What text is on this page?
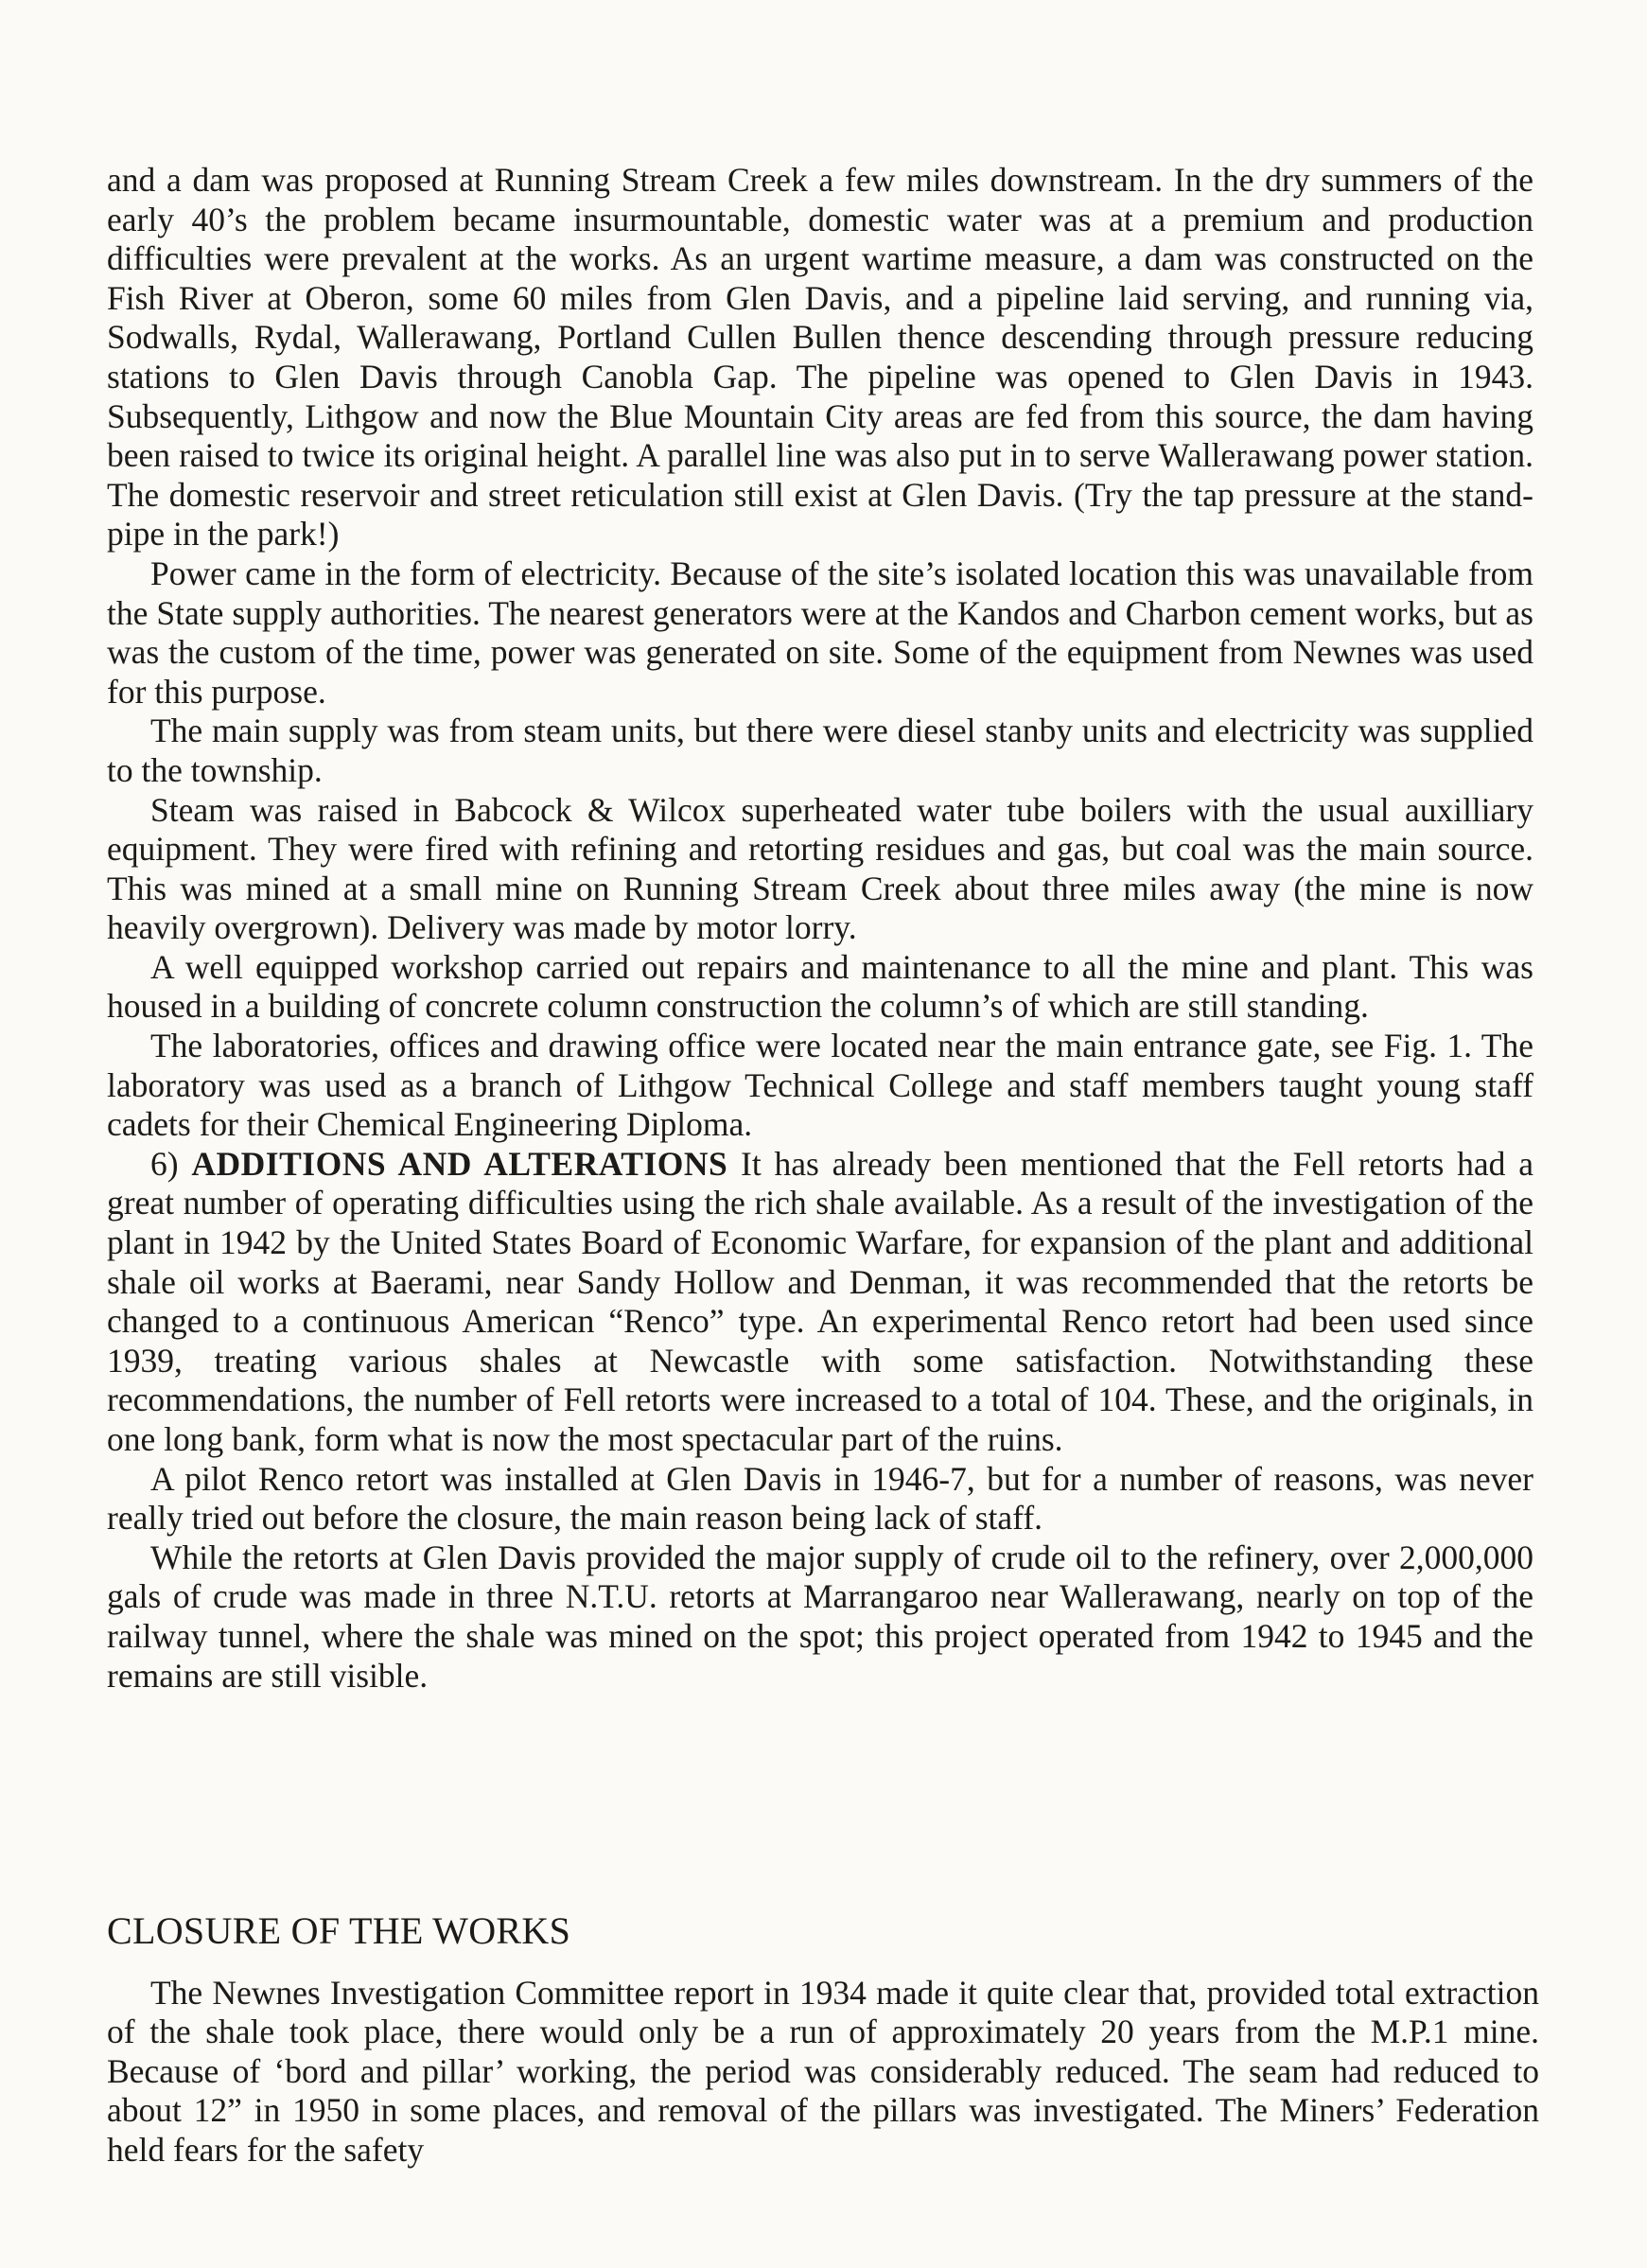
and a dam was proposed at Running Stream Creek a few miles downstream. In the dry summers of the early 40’s the problem became insurmountable, domestic water was at a premium and production difficulties were prevalent at the works. As an urgent wartime measure, a dam was constructed on the Fish River at Oberon, some 60 miles from Glen Davis, and a pipeline laid serving, and running via, Sodwalls, Rydal, Wallerawang, Portland Cullen Bullen thence descending through pressure reducing stations to Glen Davis through Canobla Gap. The pipeline was opened to Glen Davis in 1943. Subsequently, Lithgow and now the Blue Mountain City areas are fed from this source, the dam having been raised to twice its original height. A parallel line was also put in to serve Wallerawang power station. The domestic reservoir and street reticulation still exist at Glen Davis. (Try the tap pressure at the stand-pipe in the park!)

Power came in the form of electricity. Because of the site’s isolated location this was unavailable from the State supply authorities. The nearest generators were at the Kandos and Charbon cement works, but as was the custom of the time, power was generated on site. Some of the equipment from Newnes was used for this purpose.

The main supply was from steam units, but there were diesel stanby units and electricity was supplied to the township.

Steam was raised in Babcock & Wilcox superheated water tube boilers with the usual auxilliary equipment. They were fired with refining and retorting residues and gas, but coal was the main source. This was mined at a small mine on Running Stream Creek about three miles away (the mine is now heavily overgrown). Delivery was made by motor lorry.

A well equipped workshop carried out repairs and maintenance to all the mine and plant. This was housed in a building of concrete column construction the column’s of which are still standing.

The laboratories, offices and drawing office were located near the main entrance gate, see Fig. 1. The laboratory was used as a branch of Lithgow Technical College and staff members taught young staff cadets for their Chemical Engineering Diploma.

6) ADDITIONS AND ALTERATIONS It has already been mentioned that the Fell retorts had a great number of operating difficulties using the rich shale available. As a result of the investigation of the plant in 1942 by the United States Board of Economic Warfare, for expansion of the plant and additional shale oil works at Baerami, near Sandy Hollow and Denman, it was recommended that the retorts be changed to a continuous American “Renco” type. An experimental Renco retort had been used since 1939, treating various shales at Newcastle with some satisfaction. Notwithstanding these recommendations, the number of Fell retorts were increased to a total of 104. These, and the originals, in one long bank, form what is now the most spectacular part of the ruins.

A pilot Renco retort was installed at Glen Davis in 1946-7, but for a number of reasons, was never really tried out before the closure, the main reason being lack of staff.

While the retorts at Glen Davis provided the major supply of crude oil to the refinery, over 2,000,000 gals of crude was made in three N.T.U. retorts at Marrangaroo near Wallerawang, nearly on top of the railway tunnel, where the shale was mined on the spot; this project operated from 1942 to 1945 and the remains are still visible.

CLOSURE OF THE WORKS

The Newnes Investigation Committee report in 1934 made it quite clear that, provided total extraction of the shale took place, there would only be a run of approximately 20 years from the M.P.1 mine. Because of ‘bord and pillar’ working, the period was considerably reduced. The seam had reduced to about 12” in 1950 in some places, and removal of the pillars was investigated. The Miners’ Federation held fears for the safety
